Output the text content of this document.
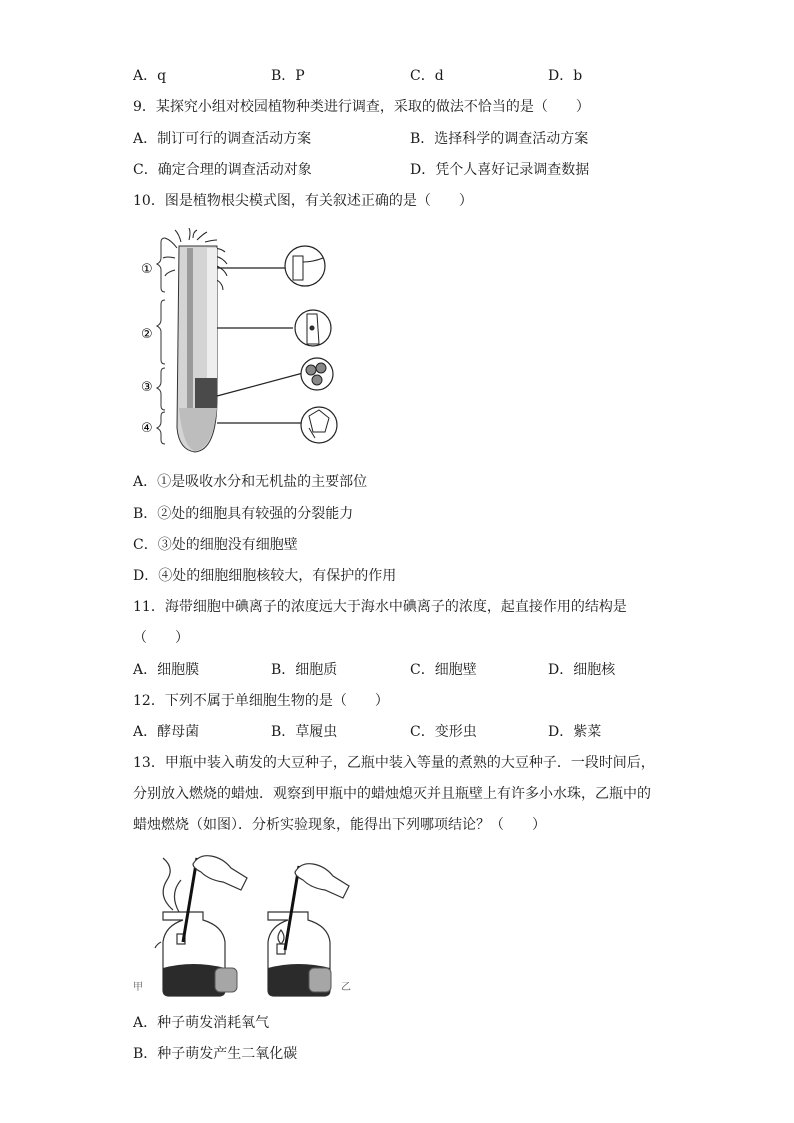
A．q	B．P	C．d	D．b
9．某探究小组对校园植物种类进行调查，采取的做法不恰当的是（　　）
A．制订可行的调查活动方案	B．选择科学的调查活动方案
C．确定合理的调查活动对象	D．凭个人喜好记录调查数据
10．图是植物根尖模式图，有关叙述正确的是（　　）
①
②
③
④
A．①是吸收水分和无机盐的主要部位
B．②处的细胞具有较强的分裂能力
C．③处的细胞没有细胞壁
D．④处的细胞细胞核较大，有保护的作用
11．海带细胞中碘离子的浓度远大于海水中碘离子的浓度，起直接作用的结构是
（　　）
A．细胞膜	B．细胞质	C．细胞壁	D．细胞核
12．下列不属于单细胞生物的是（　　）
A．酵母菌	B．草履虫	C．变形虫	D．紫菜
13．甲瓶中装入萌发的大豆种子，乙瓶中装入等量的煮熟的大豆种子．一段时间后，
分别放入燃烧的蜡烛．观察到甲瓶中的蜡烛熄灭并且瓶壁上有许多小水珠，乙瓶中的
蜡烛燃烧（如图）．分析实验现象，能得出下列哪项结论？（　　）
甲	乙
A．种子萌发消耗氧气
B．种子萌发产生二氧化碳
